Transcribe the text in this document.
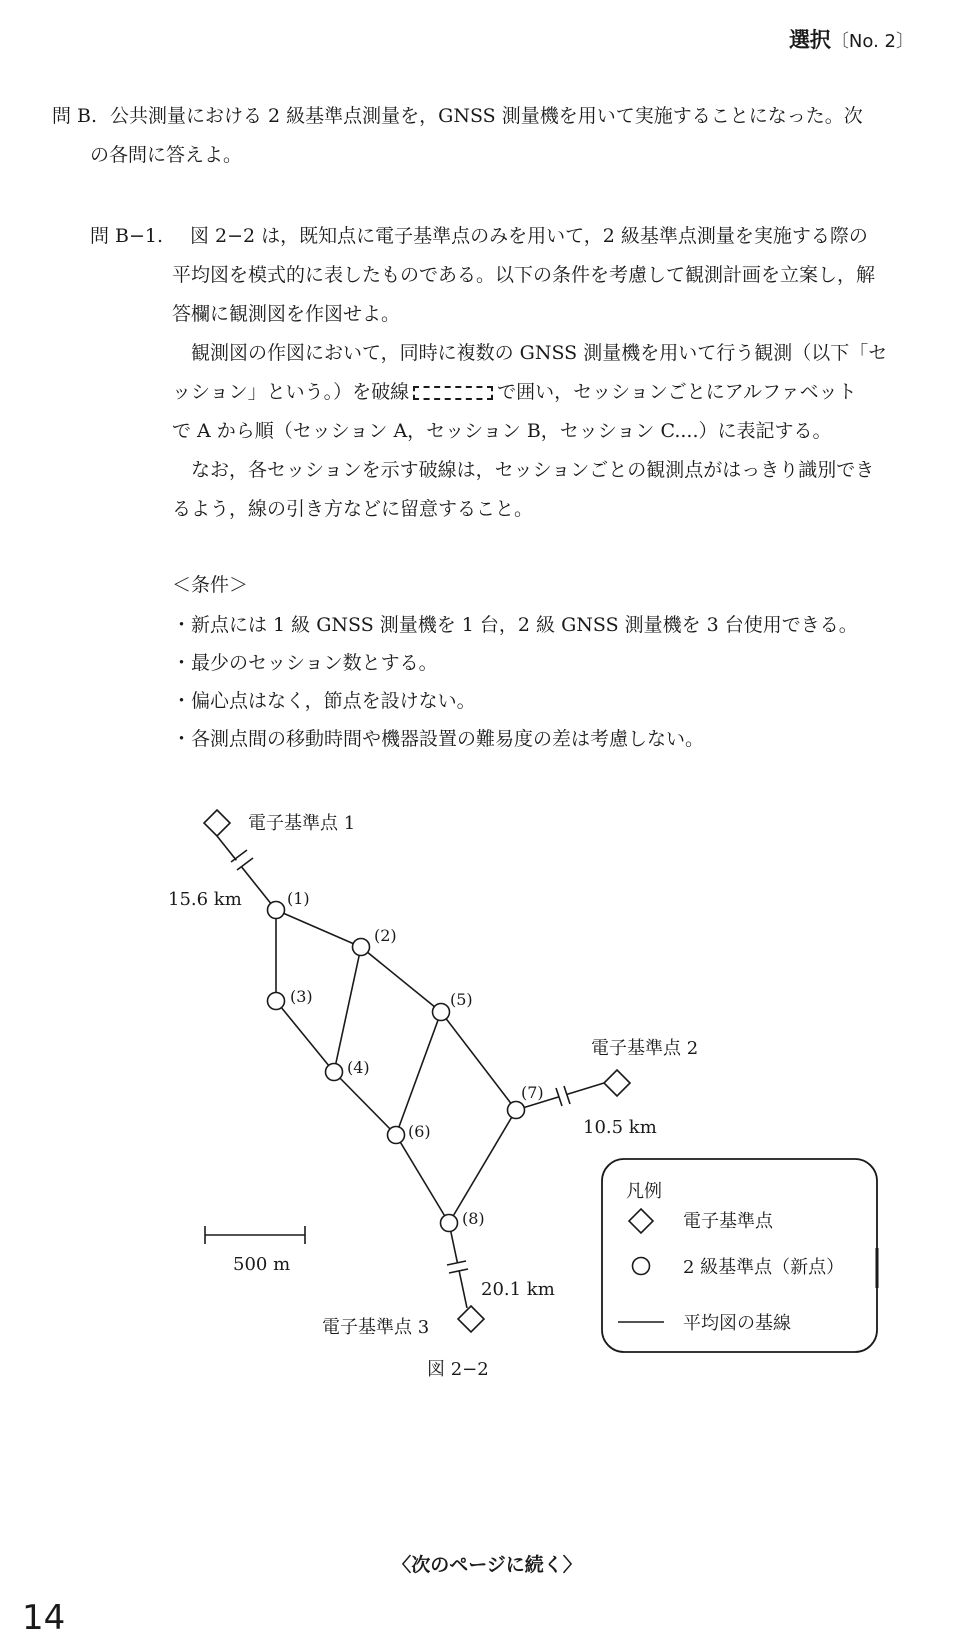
選択〔No. 2〕
問 B. 公共測量における 2 級基準点測量を，GNSS 測量機を用いて実施することになった。次
の各問に答えよ。
問 B−1. 図 2−2 は，既知点に電子基準点のみを用いて，2 級基準点測量を実施する際の
平均図を模式的に表したものである。以下の条件を考慮して観測計画を立案し，解
答欄に観測図を作図せよ。
観測図の作図において，同時に複数の GNSS 測量機を用いて行う観測（以下「セ
ッション」という。）を破線	で囲い，セッションごとにアルファベット
で A から順（セッション A，セッション B，セッション C....）に表記する。
なお，各セッションを示す破線は，セッションごとの観測点がはっきり識別でき
るよう，線の引き方などに留意すること。
＜条件＞
・新点には 1 級 GNSS 測量機を 1 台，2 級 GNSS 測量機を 3 台使用できる。
・最少のセッション数とする。
・偏心点はなく，節点を設けない。
・各測点間の移動時間や機器設置の難易度の差は考慮しない。
電子基準点 1
電子基準点 2
電子基準点 3
15.6 km
10.5 km
20.1 km
(1)
(2)
(3)
(4)
(5)
(6)
(7)
(8)
500 m
図 2−2
凡例
電子基準点
2 級基準点（新点）
平均図の基線
〈次のページに続く〉
14
